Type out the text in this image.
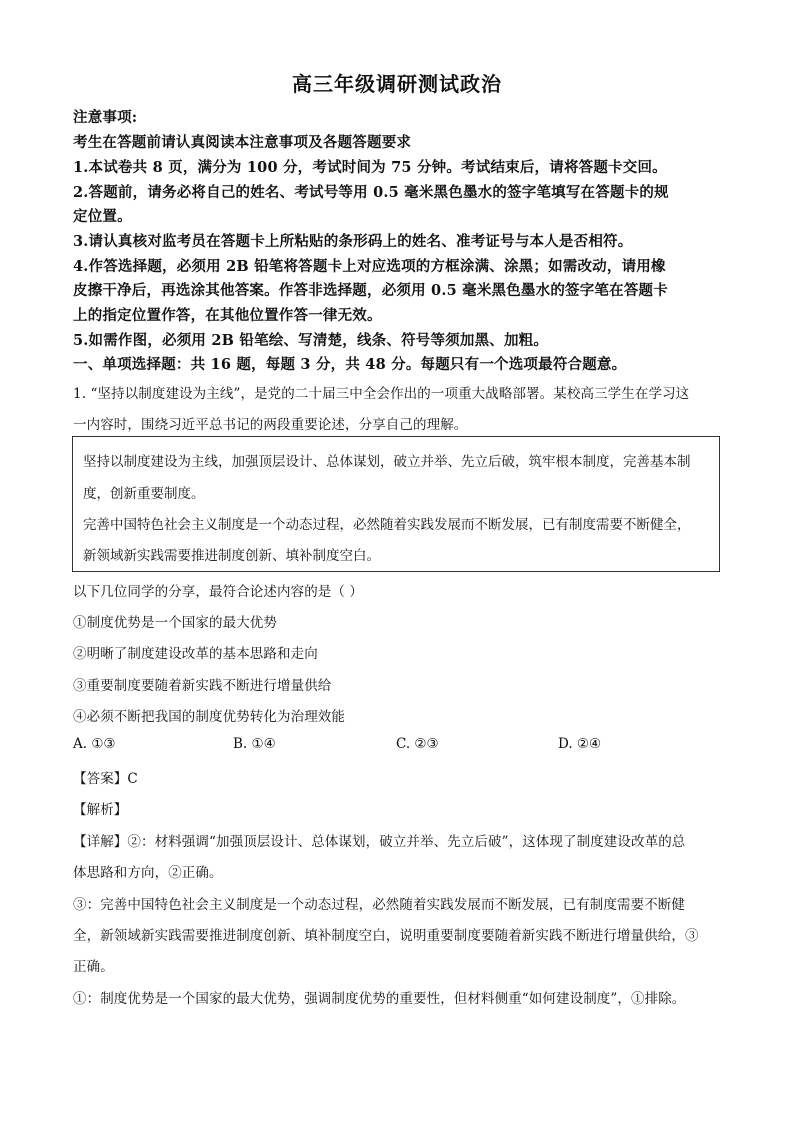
高三年级调研测试政治
注意事项:
考生在答题前请认真阅读本注意事项及各题答题要求
1.本试卷共 8 页，满分为 100 分，考试时间为 75 分钟。考试结束后，请将答题卡交回。
2.答题前，请务必将自己的姓名、考试号等用 0.5 毫米黑色墨水的签字笔填写在答题卡的规
定位置。
3.请认真核对监考员在答题卡上所粘贴的条形码上的姓名、准考证号与本人是否相符。
4.作答选择题，必须用 2B 铅笔将答题卡上对应选项的方框涂满、涂黑；如需改动，请用橡
皮擦干净后，再选涂其他答案。作答非选择题，必须用 0.5 毫米黑色墨水的签字笔在答题卡
上的指定位置作答，在其他位置作答一律无效。
5.如需作图，必须用 2B 铅笔绘、写清楚，线条、符号等须加黑、加粗。
一、单项选择题：共 16 题，每题 3 分，共 48 分。每题只有一个选项最符合题意。
1. “坚持以制度建设为主线”，是党的二十届三中全会作出的一项重大战略部署。某校高三学生在学习这
一内容时，围绕习近平总书记的两段重要论述，分享自己的理解。
坚持以制度建设为主线，加强顶层设计、总体谋划，破立并举、先立后破，筑牢根本制度，完善基本制
度，创新重要制度。
完善中国特色社会主义制度是一个动态过程，必然随着实践发展而不断发展，已有制度需要不断健全，
新领域新实践需要推进制度创新、填补制度空白。
以下几位同学的分享，最符合论述内容的是（ ）
①制度优势是一个国家的最大优势
②明晰了制度建设改革的基本思路和走向
③重要制度要随着新实践不断进行增量供给
④必须不断把我国的制度优势转化为治理效能
A. ①③	B. ①④	C. ②③	D. ②④
【答案】C
【解析】
【详解】②：材料强调“加强顶层设计、总体谋划，破立并举、先立后破”，这体现了制度建设改革的总
体思路和方向，②正确。
③：完善中国特色社会主义制度是一个动态过程，必然随着实践发展而不断发展，已有制度需要不断健
全，新领域新实践需要推进制度创新、填补制度空白，说明重要制度要随着新实践不断进行增量供给，③
正确。
①：制度优势是一个国家的最大优势，强调制度优势的重要性，但材料侧重“如何建设制度”，①排除。
